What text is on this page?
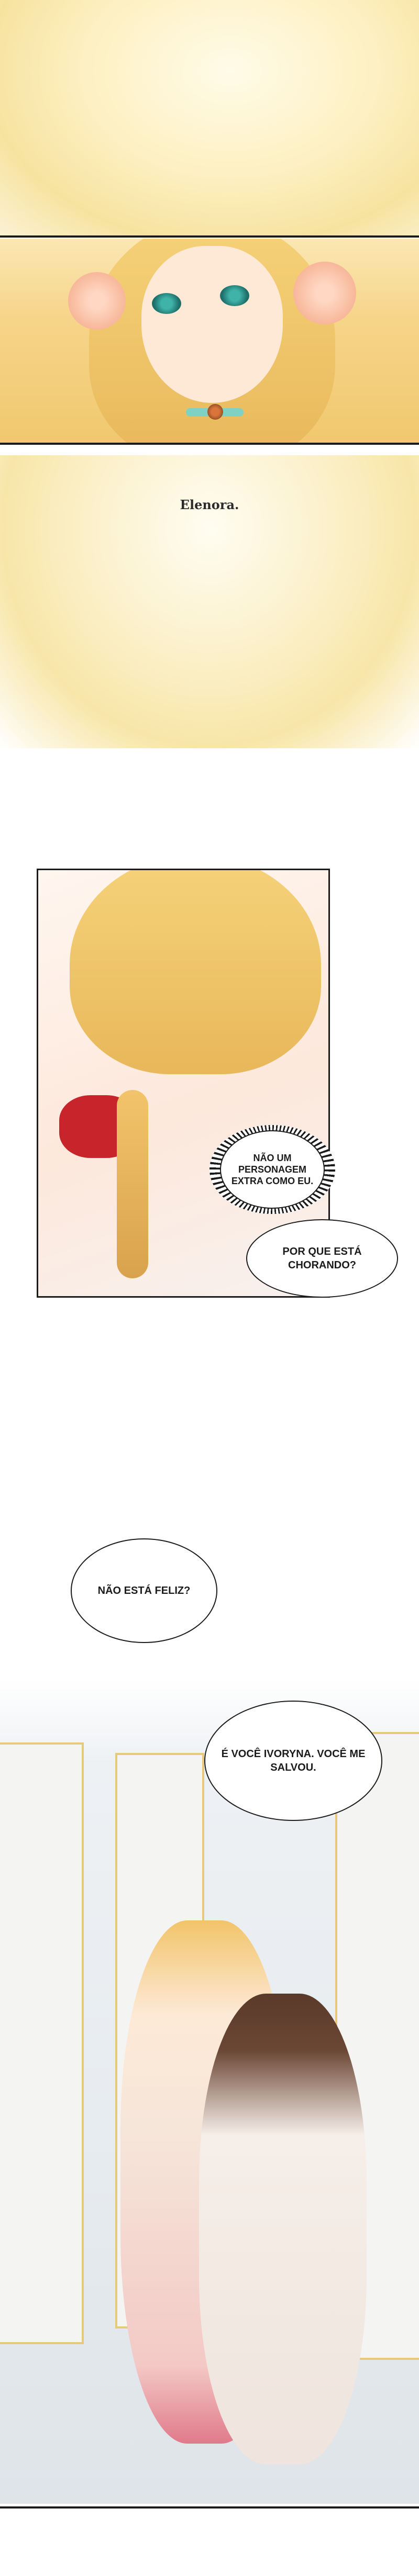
Elenora.
NÃO UM PERSONAGEM EXTRA COMO EU.
POR QUE ESTÁ CHORANDO?
NÃO ESTÁ FELIZ?
É VOCÊ IVORYNA. VOCÊ ME SALVOU.
